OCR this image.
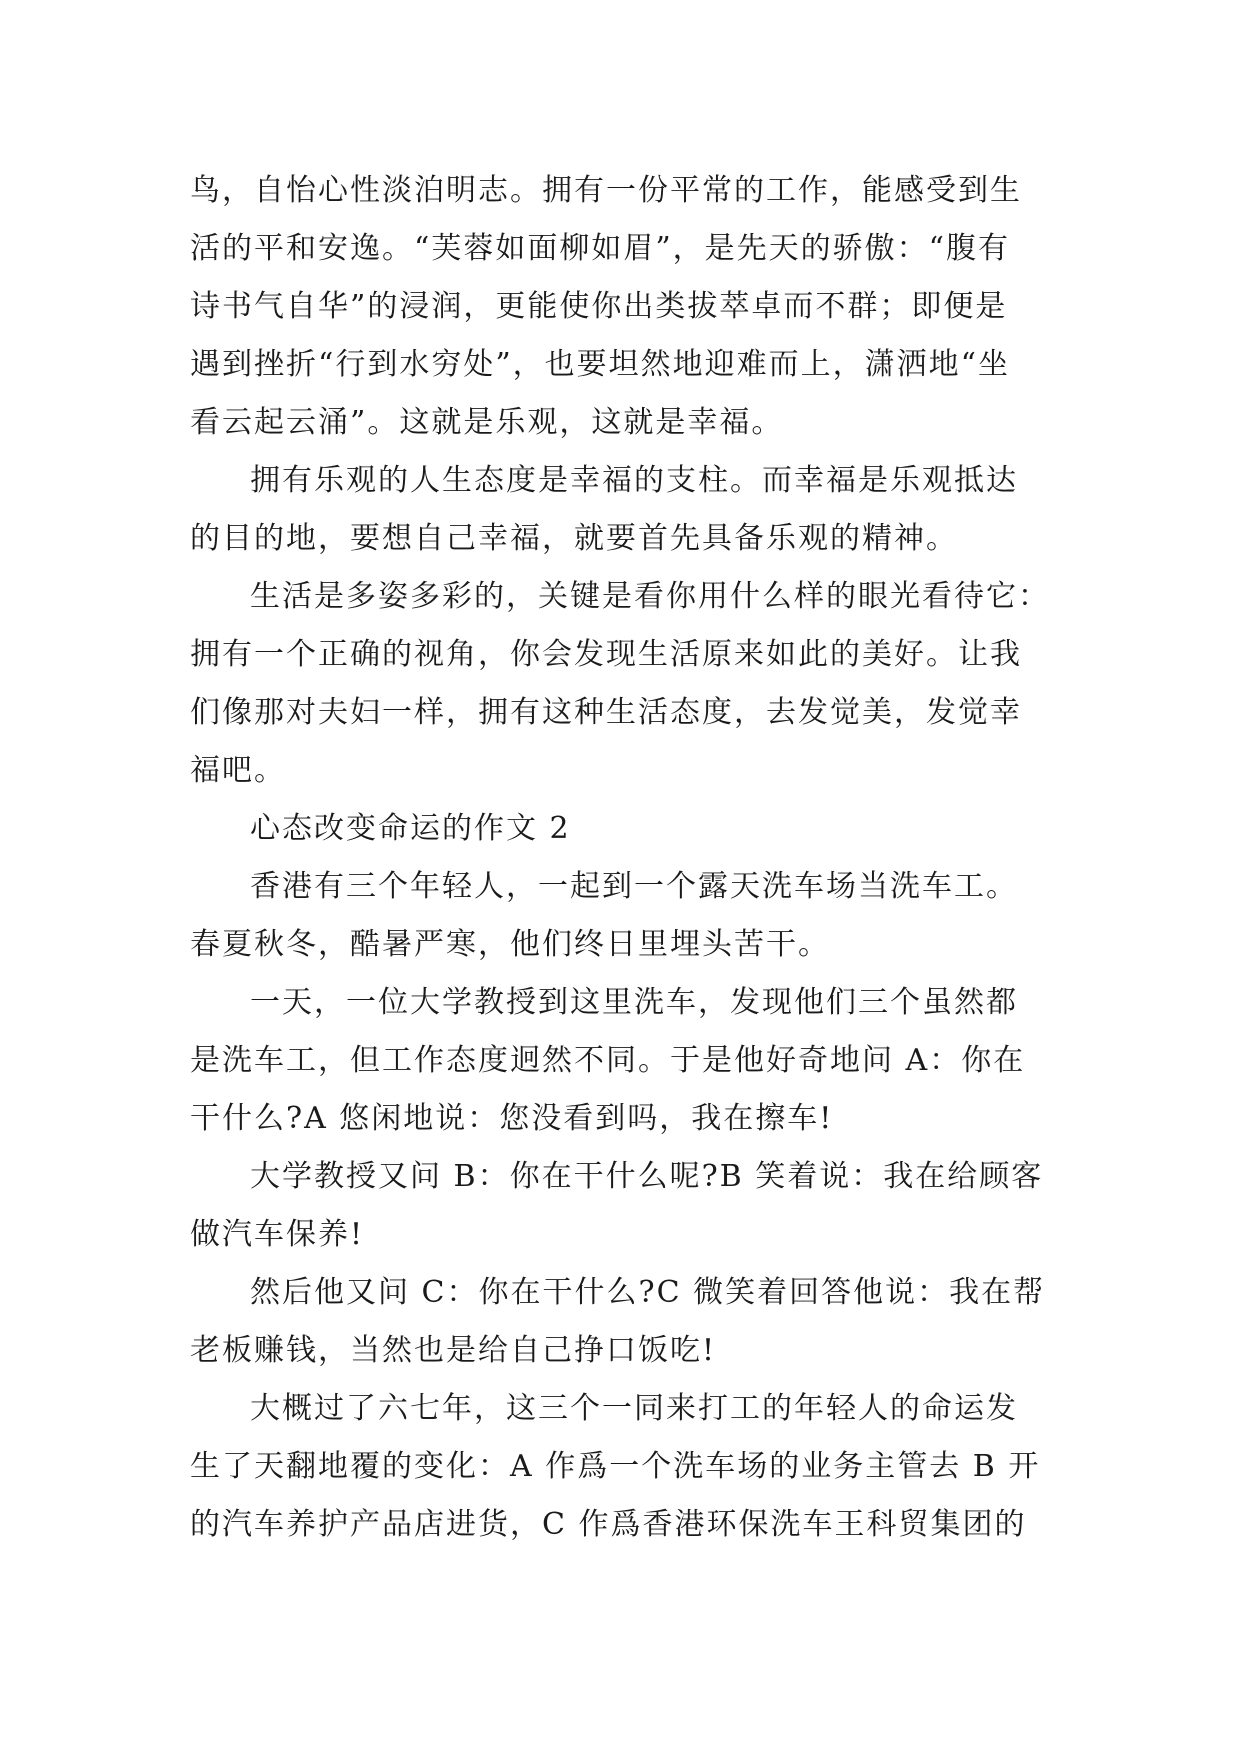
鸟，自怡心性淡泊明志。拥有一份平常的工作，能感受到生
活的平和安逸。“芙蓉如面柳如眉”，是先天的骄傲：“腹有
诗书气自华”的浸润，更能使你出类拔萃卓而不群；即便是
遇到挫折“行到水穷处”，也要坦然地迎难而上，潇洒地“坐
看云起云涌”。这就是乐观，这就是幸福。
拥有乐观的人生态度是幸福的支柱。而幸福是乐观抵达
的目的地，要想自己幸福，就要首先具备乐观的精神。
生活是多姿多彩的，关键是看你用什么样的眼光看待它：
拥有一个正确的视角，你会发现生活原来如此的美好。让我
们像那对夫妇一样，拥有这种生活态度，去发觉美，发觉幸
福吧。
心态改变命运的作文 2
香港有三个年轻人，一起到一个露天洗车场当洗车工。
春夏秋冬，酷暑严寒，他们终日里埋头苦干。
一天，一位大学教授到这里洗车，发现他们三个虽然都
是洗车工，但工作态度迥然不同。于是他好奇地问 A：你在
干什么?A 悠闲地说：您没看到吗，我在擦车!
大学教授又问 B：你在干什么呢?B 笑着说：我在给顾客
做汽车保养!
然后他又问 C：你在干什么?C 微笑着回答他说：我在帮
老板赚钱，当然也是给自己挣口饭吃!
大概过了六七年，这三个一同来打工的年轻人的命运发
生了天翻地覆的变化：A 作爲一个洗车场的业务主管去 B 开
的汽车养护产品店进货，C 作爲香港环保洗车王科贸集团的
